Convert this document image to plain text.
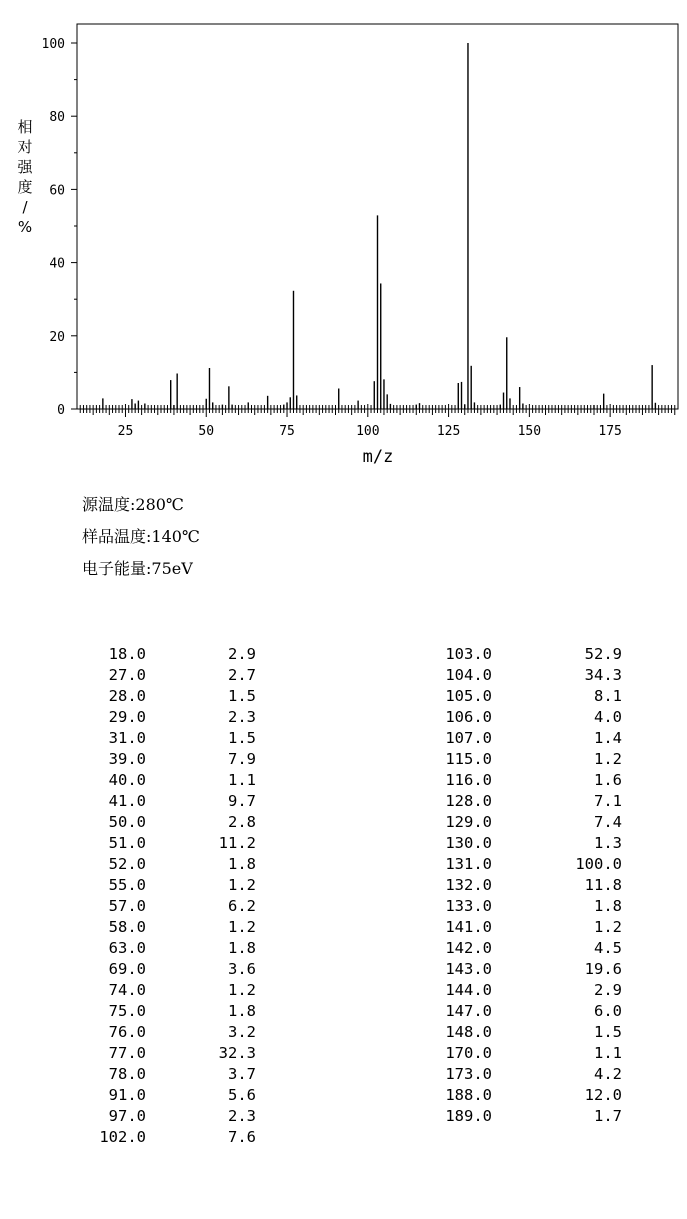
0
20
40
60
80
100
25	50	75	100	125	150	175
m/z
相对强度/ %
源温度:280℃
样品温度:140℃
电子能量:75eV
18.0	2.9
27.0	2.7
28.0	1.5
29.0	2.3
31.0	1.5
39.0	7.9
40.0	1.1
41.0	9.7
50.0	2.8
51.0	11.2
52.0	1.8
55.0	1.2
57.0	6.2
58.0	1.2
63.0	1.8
69.0	3.6
74.0	1.2
75.0	1.8
76.0	3.2
77.0	32.3
78.0	3.7
91.0	5.6
97.0	2.3
102.0	7.6
103.0	52.9
104.0	34.3
105.0	8.1
106.0	4.0
107.0	1.4
115.0	1.2
116.0	1.6
128.0	7.1
129.0	7.4
130.0	1.3
131.0	100.0
132.0	11.8
133.0	1.8
141.0	1.2
142.0	4.5
143.0	19.6
144.0	2.9
147.0	6.0
148.0	1.5
170.0	1.1
173.0	4.2
188.0	12.0
189.0	1.7
